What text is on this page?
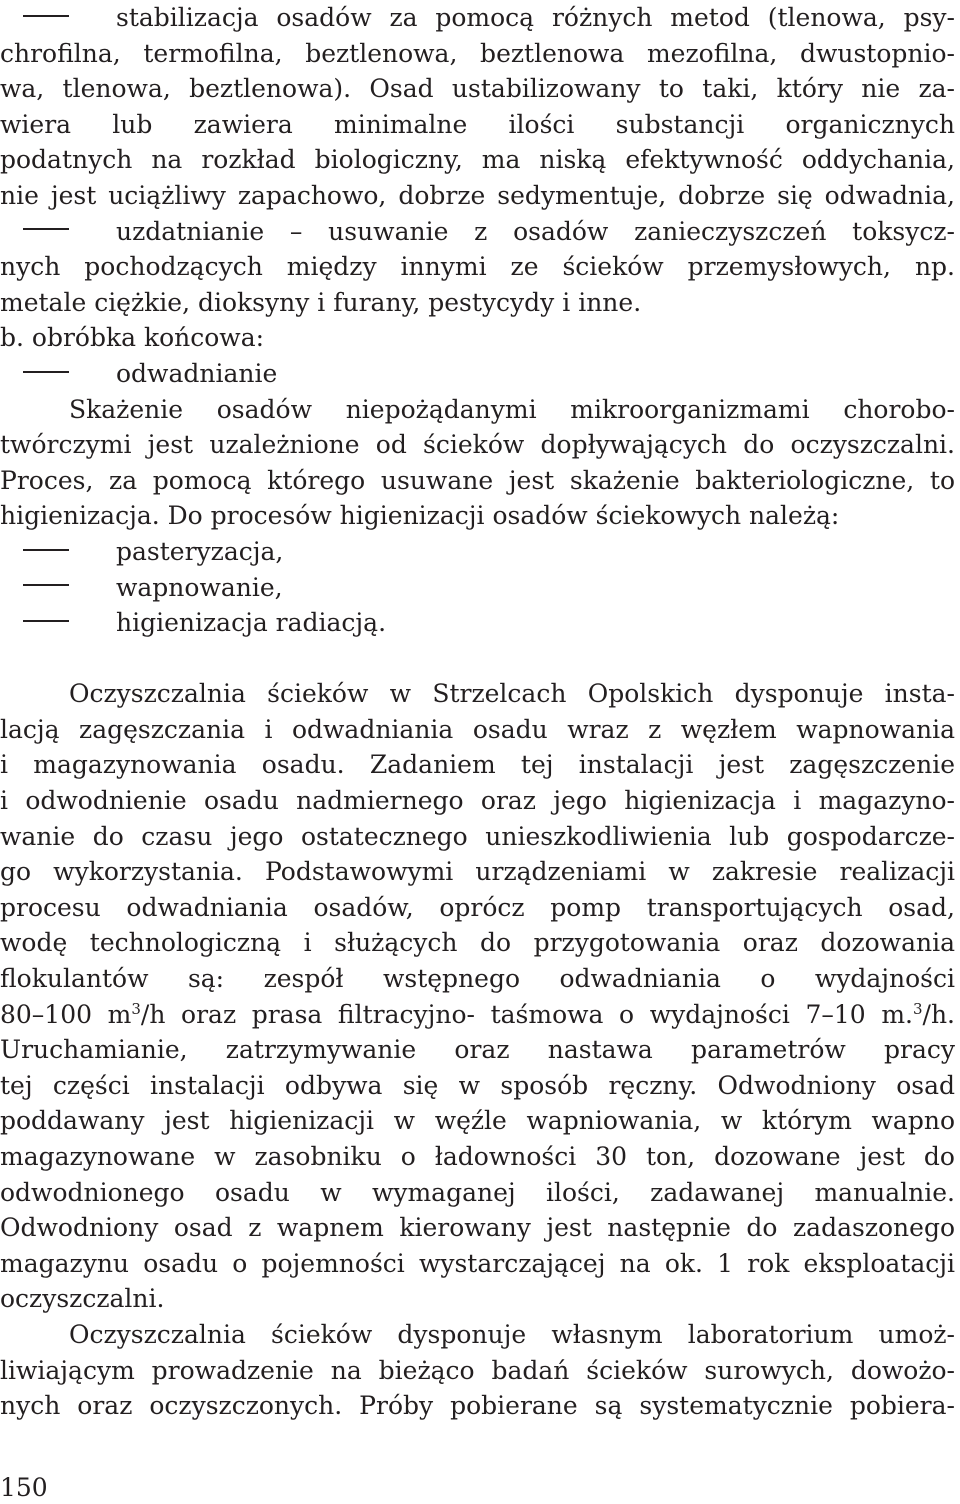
stabilizacja osadów za pomocą różnych metod (tlenowa, psy-
chrofilna, termofilna, beztlenowa, beztlenowa mezofilna, dwustopnio-
wa, tlenowa, beztlenowa). Osad ustabilizowany to taki, który nie za-
wiera lub zawiera minimalne ilości substancji organicznych
podatnych na rozkład biologiczny, ma niską efektywność oddychania,
nie jest uciążliwy zapachowo, dobrze sedymentuje, dobrze się odwadnia,
uzdatnianie – usuwanie z osadów zanieczyszczeń toksycz-
nych pochodzących między innymi ze ścieków przemysłowych, np.
metale ciężkie, dioksyny i furany, pestycydy i inne.
b. obróbka końcowa:
odwadnianie
Skażenie osadów niepożądanymi mikroorganizmami chorobo-
twórczymi jest uzależnione od ścieków dopływających do oczyszczalni.
Proces, za pomocą którego usuwane jest skażenie bakteriologiczne, to
higienizacja. Do procesów higienizacji osadów ściekowych należą:
pasteryzacja,
wapnowanie,
higienizacja radiacją.
Oczyszczalnia ścieków w Strzelcach Opolskich dysponuje insta-
lacją zagęszczania i odwadniania osadu wraz z węzłem wapnowania
i magazynowania osadu. Zadaniem tej instalacji jest zagęszczenie
i odwodnienie osadu nadmiernego oraz jego higienizacja i magazyno-
wanie do czasu jego ostatecznego unieszkodliwienia lub gospodarcze-
go wykorzystania. Podstawowymi urządzeniami w zakresie realizacji
procesu odwadniania osadów, oprócz pomp transportujących osad,
wodę technologiczną i służących do przygotowania oraz dozowania
flokulantów są: zespół wstępnego odwadniania o wydajności
80–100 $m^3/h$ oraz prasa filtracyjno- taśmowa o wydajności 7–10 m.$^3$/h.
Uruchamianie, zatrzymywanie oraz nastawa parametrów pracy
tej części instalacji odbywa się w sposób ręczny. Odwodniony osad
poddawany jest higienizacji w węźle wapniowania, w którym wapno
magazynowane w zasobniku o ładowności 30 ton, dozowane jest do
odwodnionego osadu w wymaganej ilości, zadawanej manualnie.
Odwodniony osad z wapnem kierowany jest następnie do zadaszonego
magazynu osadu o pojemności wystarczającej na ok. 1 rok eksploatacji
oczyszczalni.
Oczyszczalnia ścieków dysponuje własnym laboratorium umoż-
liwiającym prowadzenie na bieżąco badań ścieków surowych, dowożo-
nych oraz oczyszczonych. Próby pobierane są systematycznie pobiera-
150
